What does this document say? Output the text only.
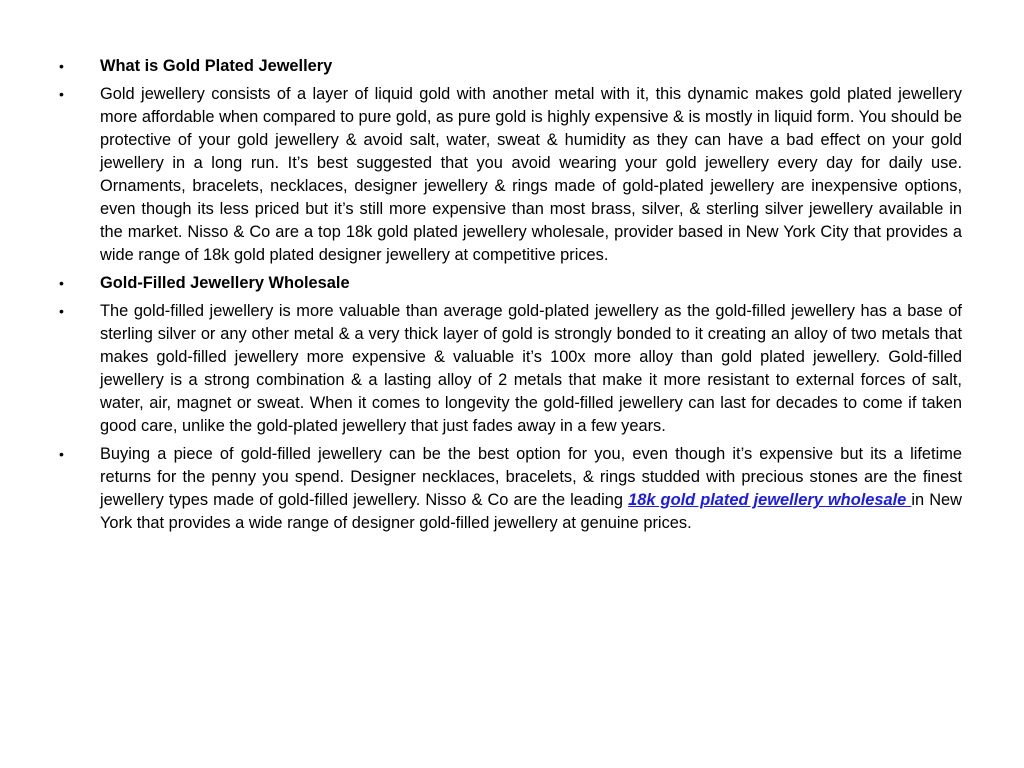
• What is Gold Plated Jewellery
• Gold jewellery consists of a layer of liquid gold with another metal with it, this dynamic makes gold plated jewellery more affordable when compared to pure gold, as pure gold is highly expensive & is mostly in liquid form. You should be protective of your gold jewellery & avoid salt, water, sweat & humidity as they can have a bad effect on your gold jewellery in a long run. It’s best suggested that you avoid wearing your gold jewellery every day for daily use. Ornaments, bracelets, necklaces, designer jewellery & rings made of gold-plated jewellery are inexpensive options, even though its less priced but it’s still more expensive than most brass, silver, & sterling silver jewellery available in the market. Nisso & Co are a top 18k gold plated jewellery wholesale, provider based in New York City that provides a wide range of 18k gold plated designer jewellery at competitive prices.
• Gold-Filled Jewellery Wholesale
• The gold-filled jewellery is more valuable than average gold-plated jewellery as the gold-filled jewellery has a base of sterling silver or any other metal & a very thick layer of gold is strongly bonded to it creating an alloy of two metals that makes gold-filled jewellery more expensive & valuable it’s 100x more alloy than gold plated jewellery. Gold-filled jewellery is a strong combination & a lasting alloy of 2 metals that make it more resistant to external forces of salt, water, air, magnet or sweat. When it comes to longevity the gold-filled jewellery can last for decades to come if taken good care, unlike the gold-plated jewellery that just fades away in a few years.
• Buying a piece of gold-filled jewellery can be the best option for you, even though it’s expensive but its a lifetime returns for the penny you spend. Designer necklaces, bracelets, & rings studded with precious stones are the finest jewellery types made of gold-filled jewellery. Nisso & Co are the leading 18k gold plated jewellery wholesale in New York that provides a wide range of designer gold-filled jewellery at genuine prices.
